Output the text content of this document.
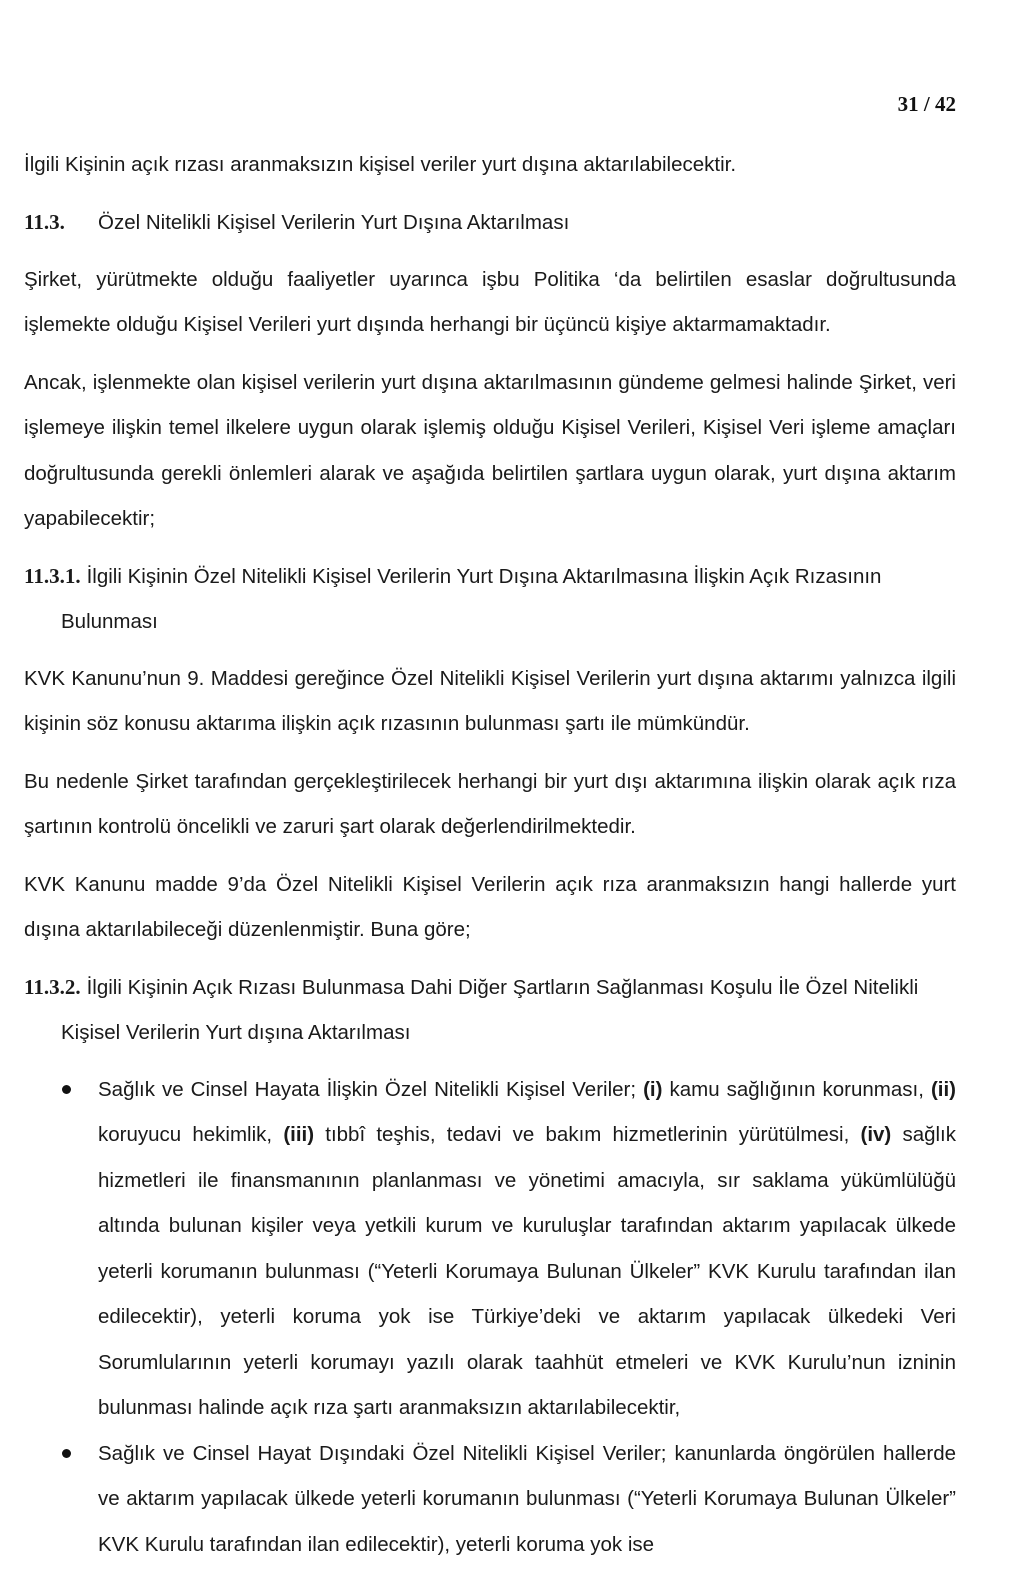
31 / 42

İlgili Kişinin açık rızası aranmaksızın kişisel veriler yurt dışına aktarılabilecektir.

11.3.	Özel Nitelikli Kişisel Verilerin Yurt Dışına Aktarılması

Şirket, yürütmekte olduğu faaliyetler uyarınca işbu Politika ‘da belirtilen esaslar doğrultusunda işlemekte olduğu Kişisel Verileri yurt dışında herhangi bir üçüncü kişiye aktarmamaktadır.

Ancak, işlenmekte olan kişisel verilerin yurt dışına aktarılmasının gündeme gelmesi halinde Şirket, veri işlemeye ilişkin temel ilkelere uygun olarak işlemiş olduğu Kişisel Verileri, Kişisel Veri işleme amaçları doğrultusunda gerekli önlemleri alarak ve aşağıda belirtilen şartlara uygun olarak, yurt dışına aktarım yapabilecektir;

11.3.1. İlgili Kişinin Özel Nitelikli Kişisel Verilerin Yurt Dışına Aktarılmasına İlişkin Açık Rızasının Bulunması

KVK Kanunu’nun 9. Maddesi gereğince Özel Nitelikli Kişisel Verilerin yurt dışına aktarımı yalnızca ilgili kişinin söz konusu aktarıma ilişkin açık rızasının bulunması şartı ile mümkündür.

Bu nedenle Şirket tarafından gerçekleştirilecek herhangi bir yurt dışı aktarımına ilişkin olarak açık rıza şartının kontrolü öncelikli ve zaruri şart olarak değerlendirilmektedir.

KVK Kanunu madde 9’da Özel Nitelikli Kişisel Verilerin açık rıza aranmaksızın hangi hallerde yurt dışına aktarılabileceği düzenlenmiştir. Buna göre;

11.3.2. İlgili Kişinin Açık Rızası Bulunmasa Dahi Diğer Şartların Sağlanması Koşulu İle Özel Nitelikli Kişisel Verilerin Yurt dışına Aktarılması
Sağlık ve Cinsel Hayata İlişkin Özel Nitelikli Kişisel Veriler; (i) kamu sağlığının korunması, (ii) koruyucu hekimlik, (iii) tıbbî teşhis, tedavi ve bakım hizmetlerinin yürütülmesi, (iv) sağlık hizmetleri ile finansmanının planlanması ve yönetimi amacıyla, sır saklama yükümlülüğü altında bulunan kişiler veya yetkili kurum ve kuruluşlar tarafından aktarım yapılacak ülkede yeterli korumanın bulunması (“Yeterli Korumaya Bulunan Ülkeler” KVK Kurulu tarafından ilan edilecektir), yeterli koruma yok ise Türkiye’deki ve aktarım yapılacak ülkedeki Veri Sorumlularının yeterli korumayı yazılı olarak taahhüt etmeleri ve KVK Kurulu’nun izninin bulunması halinde açık rıza şartı aranmaksızın aktarılabilecektir,
Sağlık ve Cinsel Hayat Dışındaki Özel Nitelikli Kişisel Veriler; kanunlarda öngörülen hallerde ve aktarım yapılacak ülkede yeterli korumanın bulunması (“Yeterli Korumaya Bulunan Ülkeler” KVK Kurulu tarafından ilan edilecektir), yeterli koruma yok ise
